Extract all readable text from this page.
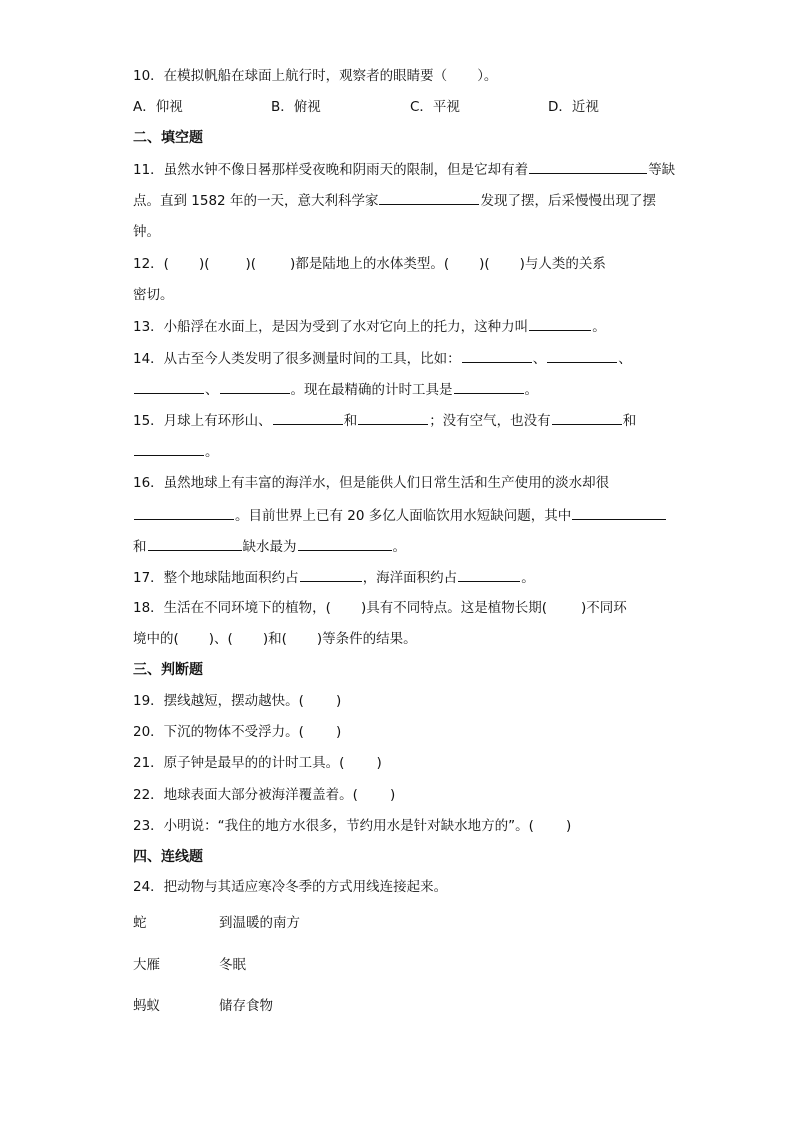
10．在模拟帆船在球面上航行时，观察者的眼睛要（ ）。
A．仰视	B．俯视	C．平视	D．近视
二、填空题
11．虽然水钟不像日晷那样受夜晚和阴雨天的限制，但是它却有着	等缺
点。直到 1582 年的一天，意大利科学家	发现了摆，后采慢慢出现了摆
钟。
12．( )(	)(	)都是陆地上的水体类型。( )( )与人类的关系
密切。
13．小船浮在水面上，是因为受到了水对它向上的托力，这种力叫	。
14．从古至今人类发明了很多测量时间的工具，比如：	、	、
、	。现在最精确的计时工具是	。
15．月球上有环形山、	和	；没有空气，也没有	和
。
16．虽然地球上有丰富的海洋水，但是能供人们日常生活和生产使用的淡水却很
。目前世界上已有 20 多亿人面临饮用水短缺问题，其中
和	缺水最为	。
17．整个地球陆地面积约占	，海洋面积约占	。
18．生活在不同环境下的植物，( )具有不同特点。这是植物长期(	)不同环
境中的( )、( )和( )等条件的结果。
三、判断题
19．摆线越短，摆动越快。( )
20．下沉的物体不受浮力。( )
21．原子钟是最早的的计时工具。( )
22．地球表面大部分被海洋覆盖着。( )
23．小明说：“我住的地方水很多，节约用水是针对缺水地方的”。( )
四、连线题
24．把动物与其适应寒冷冬季的方式用线连接起来。
蛇	到温暖的南方
大雁	冬眠
蚂蚁	储存食物
